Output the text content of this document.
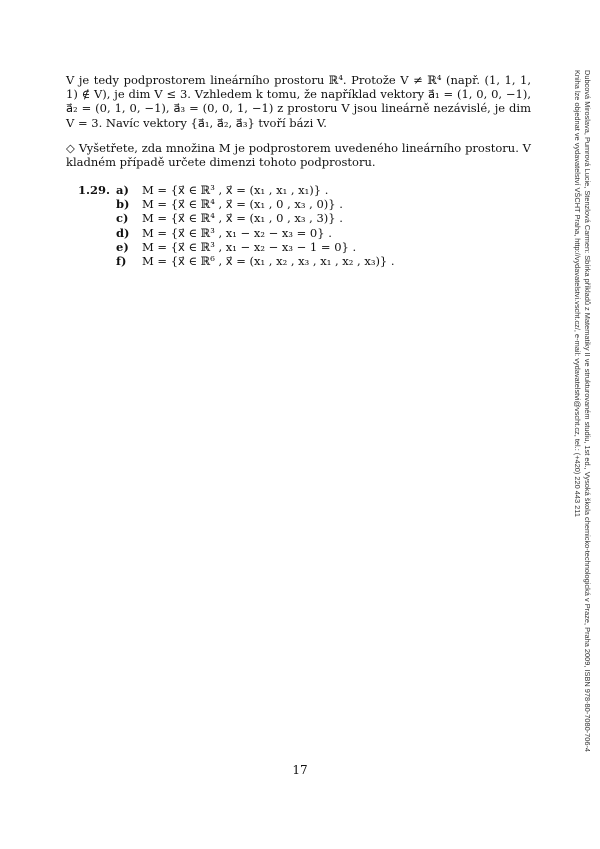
V je tedy podprostorem lineárního prostoru ℝ⁴. Protože V ≠ ℝ⁴ (např. (1, 1, 1, 1) ∉ V), je dim V ≤ 3. Vzhledem k tomu, že například vektory a⃗₁ = (1, 0, 0, −1), a⃗₂ = (0, 1, 0, −1), a⃗₃ = (0, 0, 1, −1) z prostoru V jsou lineárně nezávislé, je dim V = 3. Navíc vektory {a⃗₁, a⃗₂, a⃗₃} tvoří bázi V.
◇ Vyšetřete, zda množina M je podprostorem uvedeného lineárního prostoru. V kladném případě určete dimenzi tohoto podprostoru.
1.29. a) M = {x⃗ ∈ ℝ³ , x⃗ = (x₁ , x₁ , x₁)} .
b) M = {x⃗ ∈ ℝ⁴ , x⃗ = (x₁ , 0 , x₃ , 0)} .
c) M = {x⃗ ∈ ℝ⁴ , x⃗ = (x₁ , 0 , x₃ , 3)} .
d) M = {x⃗ ∈ ℝ³ , x₁ − x₂ − x₃ = 0} .
e) M = {x⃗ ∈ ℝ³ , x₁ − x₂ − x₃ − 1 = 0} .
f) M = {x⃗ ∈ ℝ⁶ , x⃗ = (x₁ , x₂ , x₃ , x₁ , x₂ , x₃)} .
17
Dubcová Miroslava, Pumrová Lucie, Stenzlová Carmen: Sbírka příkladů z Matematiky II ve strukturovaném studiu, 1st ed., Vysoká škola chemicko-technologická v Praze, Praha 2009, ISBN 978-80-7080-706-4
Kniha lze objednat ve vydavatelství VŠCHT Praha, http://vydavatelstvi.vscht.cz/, e-mail: vydavatelstvi@vscht.cz, tel.: (+420) 220 443 211
